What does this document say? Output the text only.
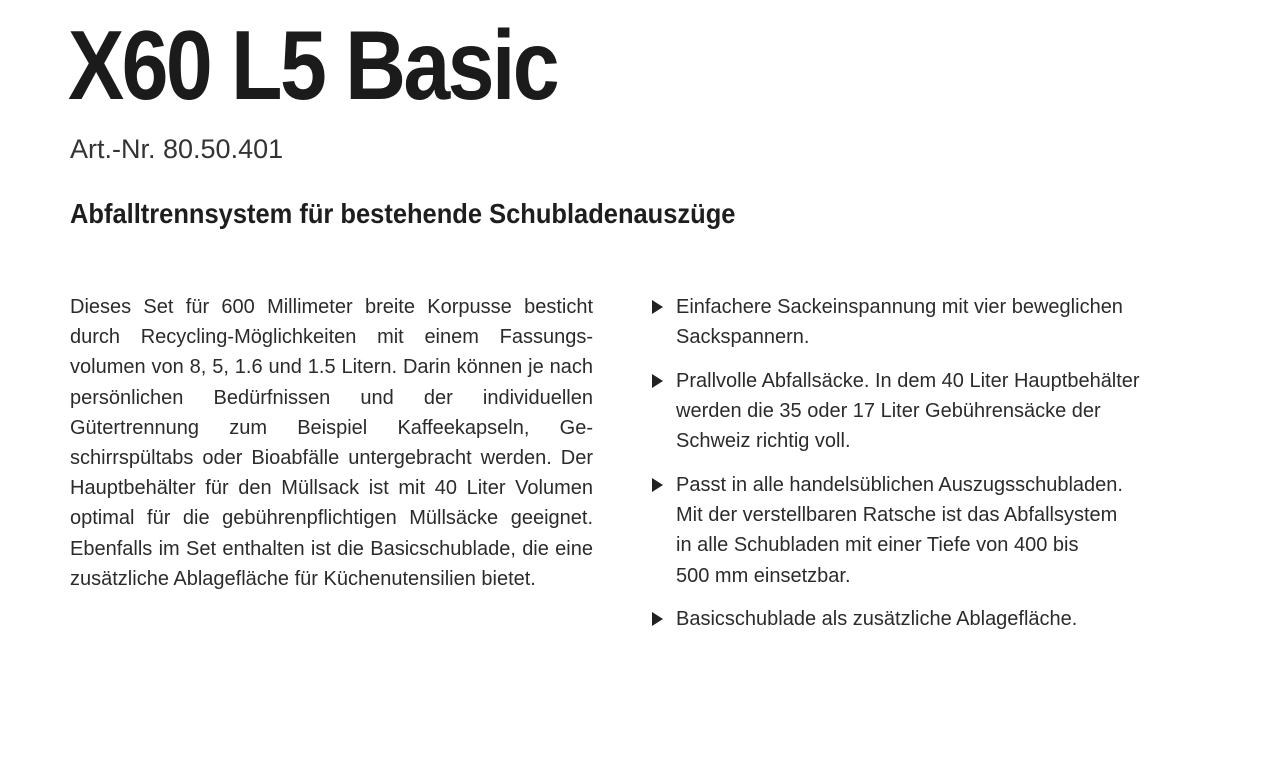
X60 L5 Basic
Art.-Nr. 80.50.401
Abfalltrennsystem für bestehende Schubladenauszüge

Dieses Set für 600 Millimeter breite Korpusse besticht durch Recycling-Möglichkeiten mit einem Fassungsvolumen von 8, 5, 1.6 und 1.5 Litern. Darin können je nach persönlichen Bedürfnissen und der individuellen Gütertrennung zum Beispiel Kaffeekapseln, Geschirrspültabs oder Bioabfälle untergebracht werden. Der Hauptbehälter für den Müllsack ist mit 40 Liter Volumen optimal für die gebührenpflichtigen Müllsäcke geeignet. Ebenfalls im Set enthalten ist die Basicschublade, die eine zusätzliche Ablagefläche für Küchenutensilien bietet.

Einfachere Sackeinspannung mit vier beweglichen
Sackspannern.
Prallvolle Abfallsäcke. In dem 40 Liter Hauptbehälter
werden die 35 oder 17 Liter Gebührensäcke der
Schweiz richtig voll.
Passt in alle handelsüblichen Auszugsschubladen.
Mit der verstellbaren Ratsche ist das Abfallsystem
in alle Schubladen mit einer Tiefe von 400 bis
500 mm einsetzbar.
Basicschublade als zusätzliche Ablagefläche.
